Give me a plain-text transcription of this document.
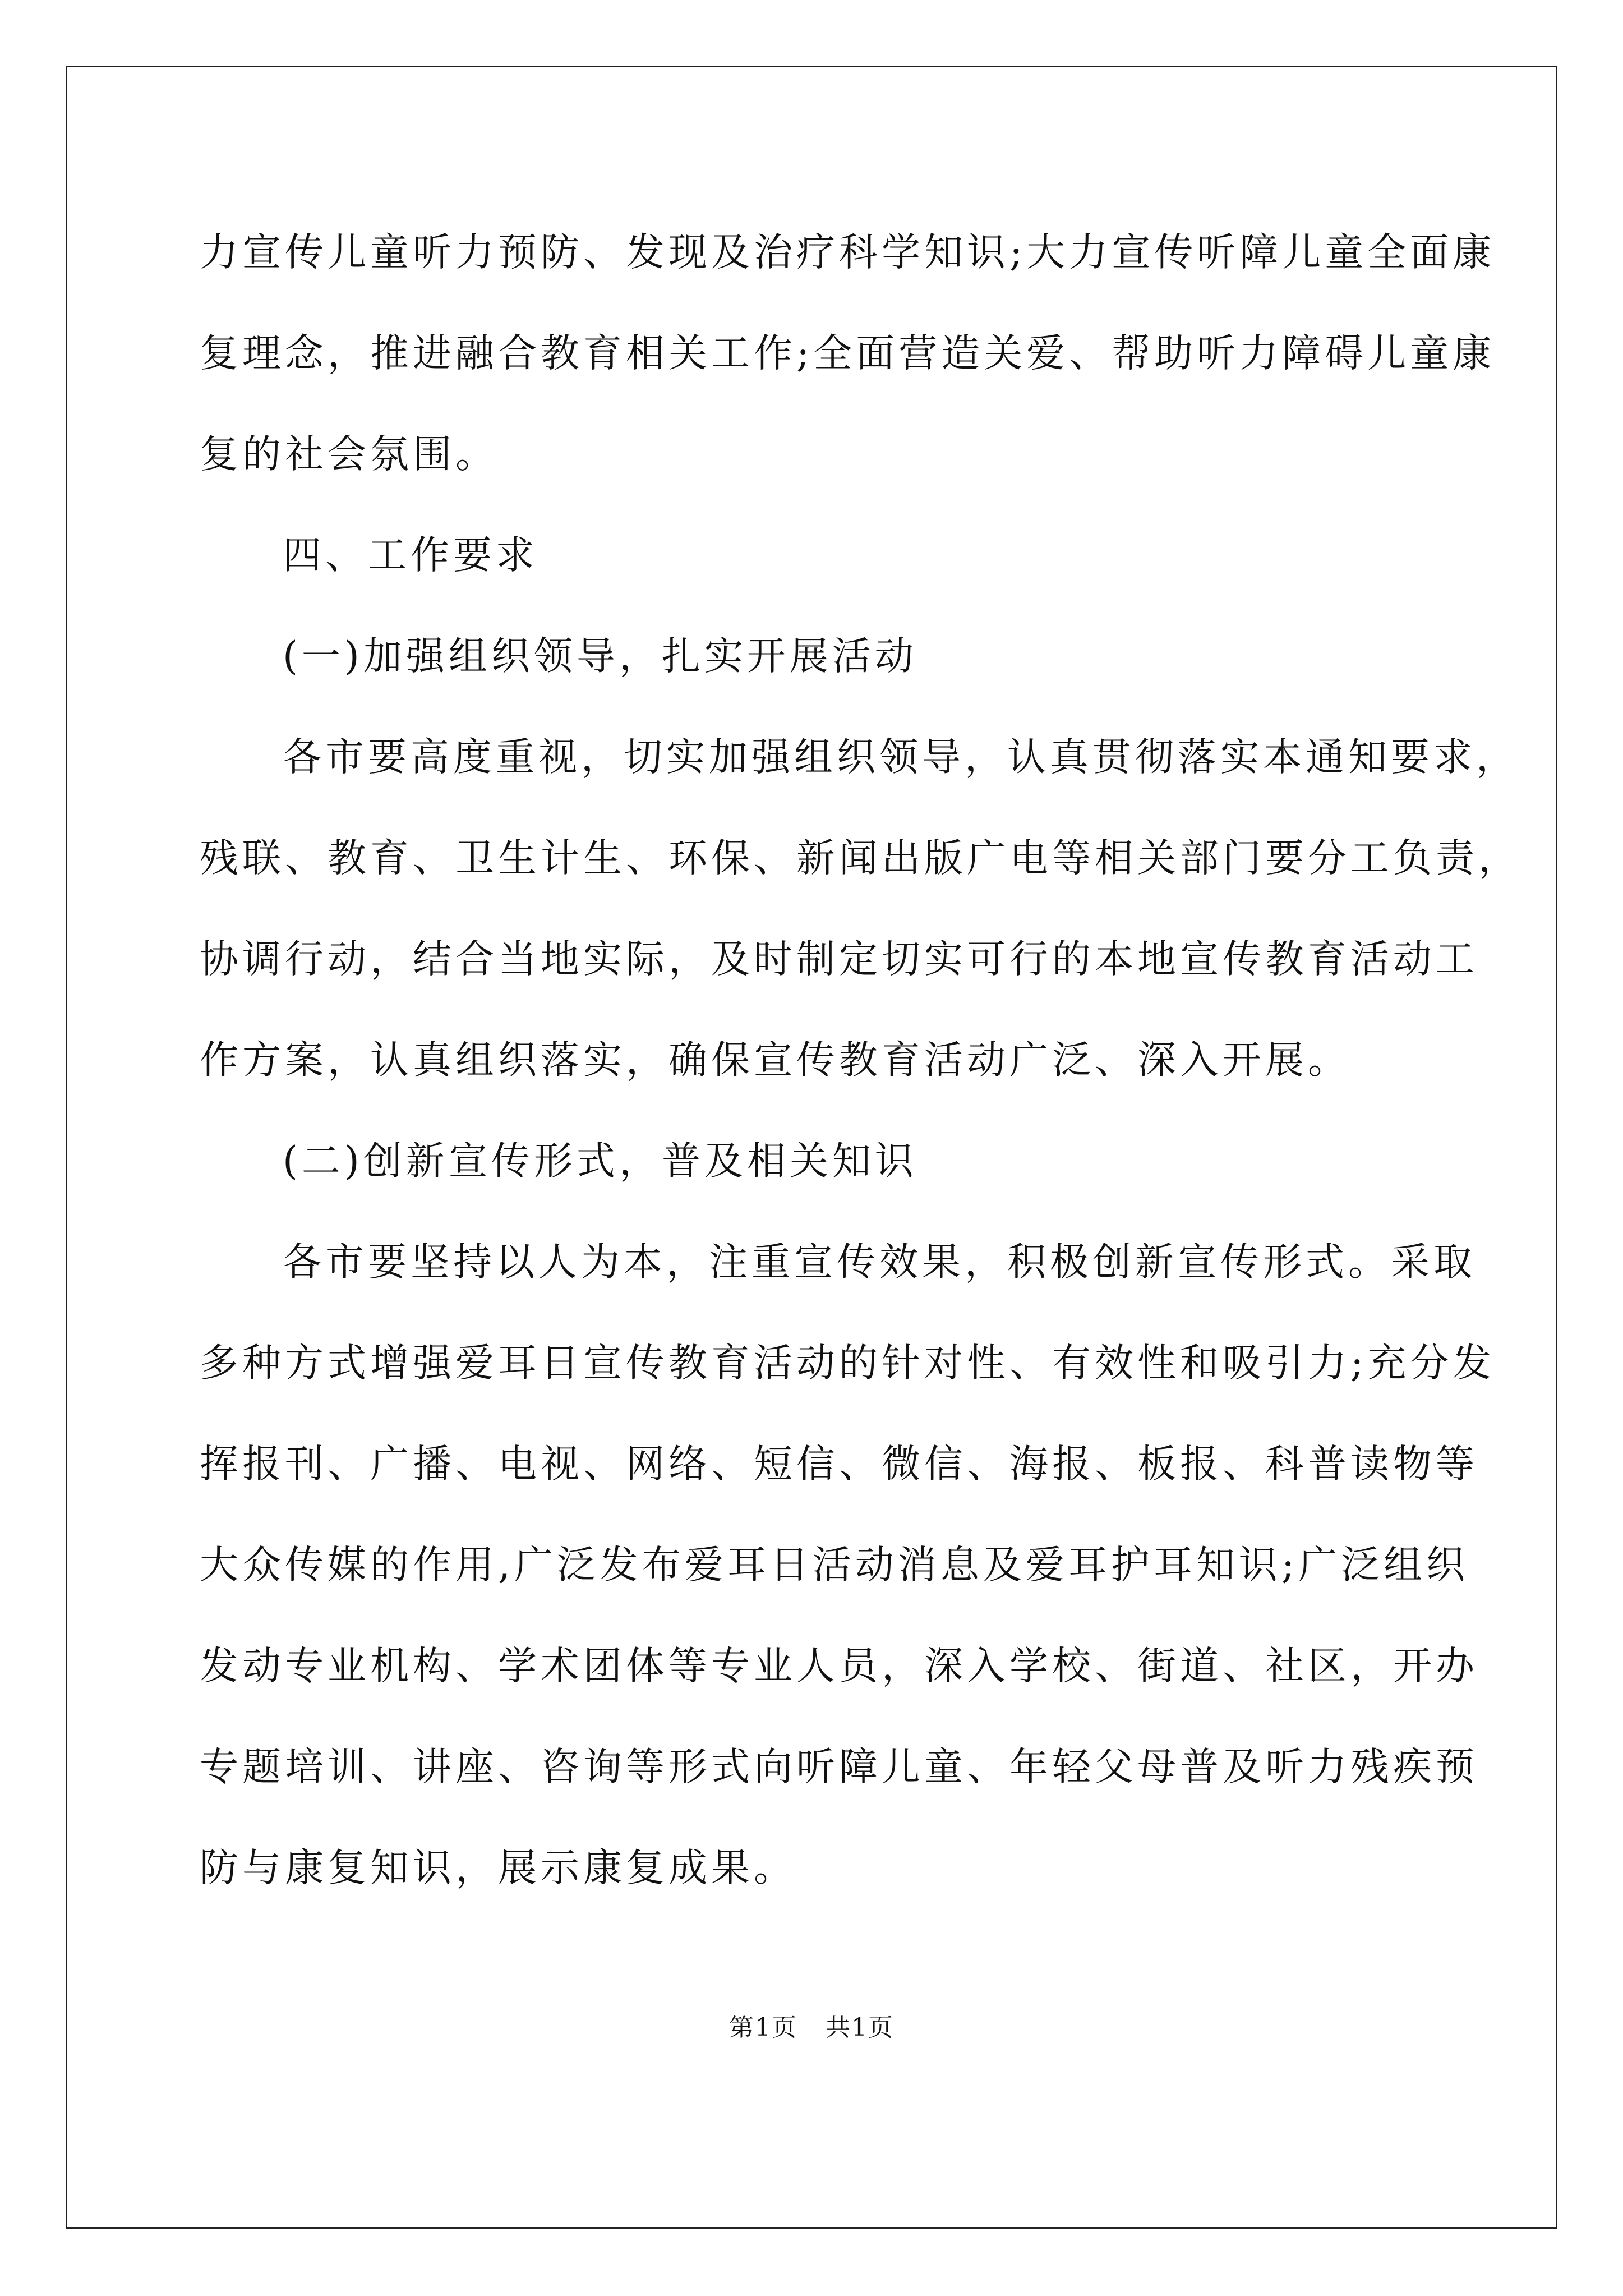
力宣传儿童听力预防、发现及治疗科学知识;大力宣传听障儿童全面康
复理念，推进融合教育相关工作;全面营造关爱、帮助听力障碍儿童康
复的社会氛围。
四、工作要求
(一)加强组织领导，扎实开展活动
各市要高度重视，切实加强组织领导，认真贯彻落实本通知要求，
残联、教育、卫生计生、环保、新闻出版广电等相关部门要分工负责，
协调行动，结合当地实际，及时制定切实可行的本地宣传教育活动工
作方案，认真组织落实，确保宣传教育活动广泛、深入开展。
(二)创新宣传形式，普及相关知识
各市要坚持以人为本，注重宣传效果，积极创新宣传形式。采取
多种方式增强爱耳日宣传教育活动的针对性、有效性和吸引力;充分发
挥报刊、广播、电视、网络、短信、微信、海报、板报、科普读物等
大众传媒的作用,广泛发布爱耳日活动消息及爱耳护耳知识;广泛组织
发动专业机构、学术团体等专业人员，深入学校、街道、社区，开办
专题培训、讲座、咨询等形式向听障儿童、年轻父母普及听力残疾预
防与康复知识，展示康复成果。
第1页 共1页
